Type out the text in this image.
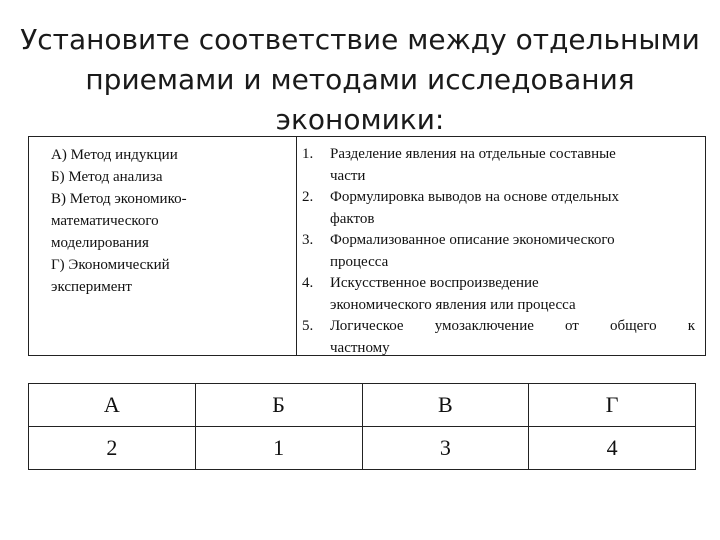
Установите соответствие между отдельными
приемами и методами исследования
экономики:
А) Метод индукции
Б) Метод анализа
В) Метод экономико-
математического
моделирования
Г) Экономический
эксперимент
1.	Разделение явления на отдельные составные
части
2.	Формулировка выводов на основе отдельных
фактов
3.	Формализованное описание экономического
процесса
4.	Искусственное воспроизведение
экономического явления или процесса
5.	Логическое умозаключение от общего к
частному
А	Б	В	Г
2	1	3	4
